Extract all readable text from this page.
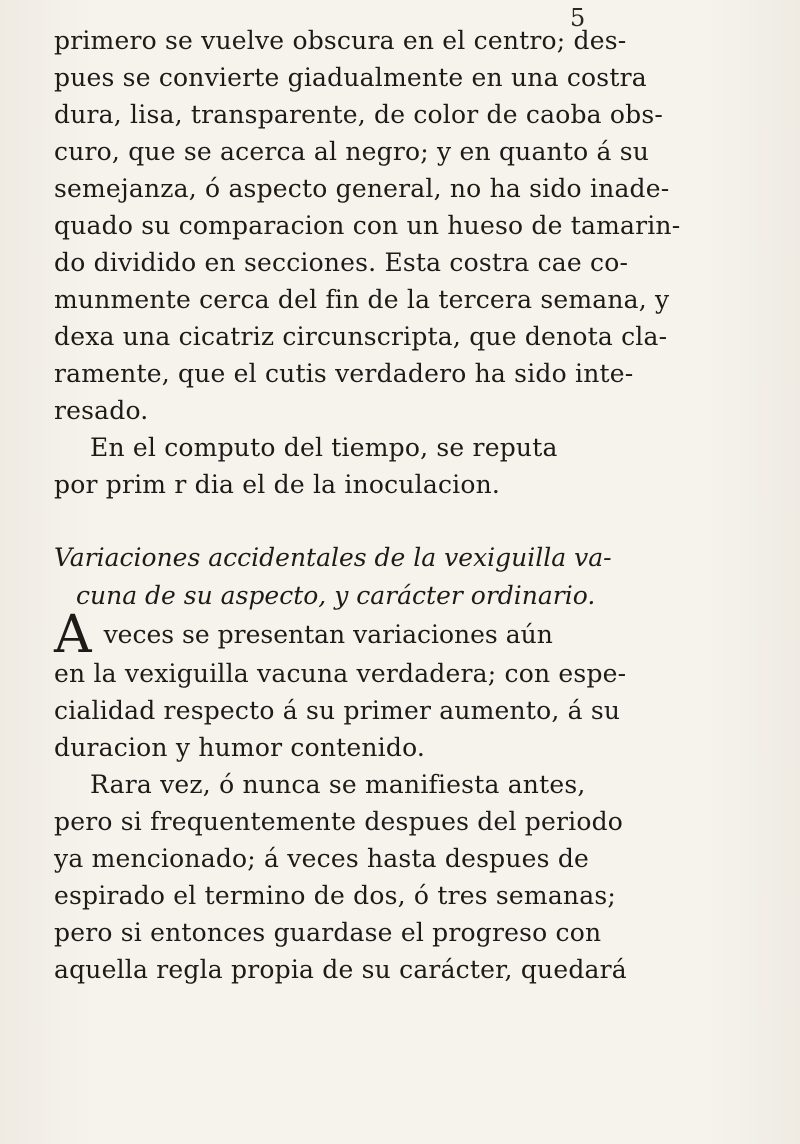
5
primero se vuelve obscura en el centro; des-
pues se convierte giadualmente en una costra
dura, lisa, transparente, de color de caoba obs-
curo, que se acerca al negro; y en quanto á su
semejanza, ó aspecto general, no ha sido inade-
quado su comparacion con un hueso de tamarin-
do dividido en secciones. Esta costra cae co-
munmente cerca del fin de la tercera semana, y
dexa una cicatriz circunscripta, que denota cla-
ramente, que el cutis verdadero ha sido inte-
resado.
En el computo del tiempo, se reputa
por prim r dia el de la inoculacion.
Variaciones accidentales de la vexiguilla va-
cuna de su aspecto, y carácter ordinario.
Aveces se presentan variaciones aún
en la vexiguilla vacuna verdadera; con espe-
cialidad respecto á su primer aumento, á su
duracion y humor contenido.
Rara vez, ó nunca se manifiesta antes,
pero si frequentemente despues del periodo
ya mencionado; á veces hasta despues de
espirado el termino de dos, ó tres semanas;
pero si entonces guardase el progreso con
aquella regla propia de su carácter, quedará
